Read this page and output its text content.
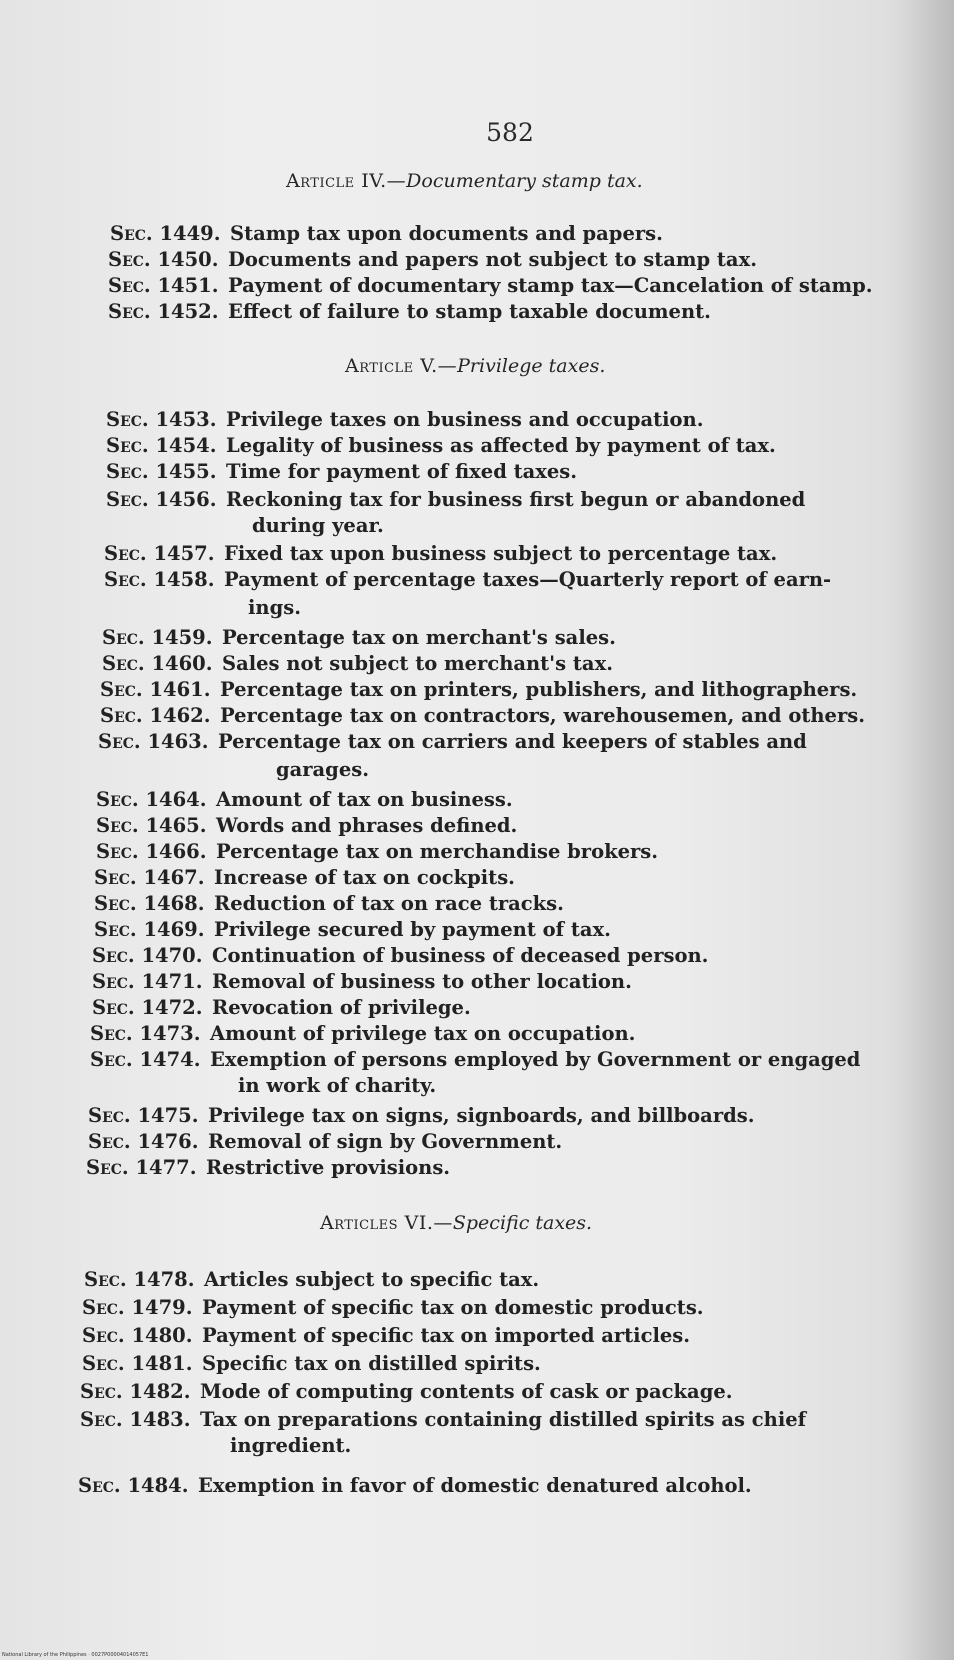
582
Article IV.—Documentary stamp tax.
Sec. 1449. Stamp tax upon documents and papers.
Sec. 1450. Documents and papers not subject to stamp tax.
Sec. 1451. Payment of documentary stamp tax—Cancelation of stamp.
Sec. 1452. Effect of failure to stamp taxable document.
Article V.—Privilege taxes.
Sec. 1453. Privilege taxes on business and occupation.
Sec. 1454. Legality of business as affected by payment of tax.
Sec. 1455. Time for payment of fixed taxes.
Sec. 1456. Reckoning tax for business first begun or abandoned
during year.
Sec. 1457. Fixed tax upon business subject to percentage tax.
Sec. 1458. Payment of percentage taxes—Quarterly report of earn-
ings.
Sec. 1459. Percentage tax on merchant's sales.
Sec. 1460. Sales not subject to merchant's tax.
Sec. 1461. Percentage tax on printers, publishers, and lithographers.
Sec. 1462. Percentage tax on contractors, warehousemen, and others.
Sec. 1463. Percentage tax on carriers and keepers of stables and
garages.
Sec. 1464. Amount of tax on business.
Sec. 1465. Words and phrases defined.
Sec. 1466. Percentage tax on merchandise brokers.
Sec. 1467. Increase of tax on cockpits.
Sec. 1468. Reduction of tax on race tracks.
Sec. 1469. Privilege secured by payment of tax.
Sec. 1470. Continuation of business of deceased person.
Sec. 1471. Removal of business to other location.
Sec. 1472. Revocation of privilege.
Sec. 1473. Amount of privilege tax on occupation.
Sec. 1474. Exemption of persons employed by Government or engaged
in work of charity.
Sec. 1475. Privilege tax on signs, signboards, and billboards.
Sec. 1476. Removal of sign by Government.
Sec. 1477. Restrictive provisions.
Articles VI.—Specific taxes.
Sec. 1478. Articles subject to specific tax.
Sec. 1479. Payment of specific tax on domestic products.
Sec. 1480. Payment of specific tax on imported articles.
Sec. 1481. Specific tax on distilled spirits.
Sec. 1482. Mode of computing contents of cask or package.
Sec. 1483. Tax on preparations containing distilled spirits as chief
ingredient.
Sec. 1484. Exemption in favor of domestic denatured alcohol.
National Library of the Philippines · 0027P00004014057E1
